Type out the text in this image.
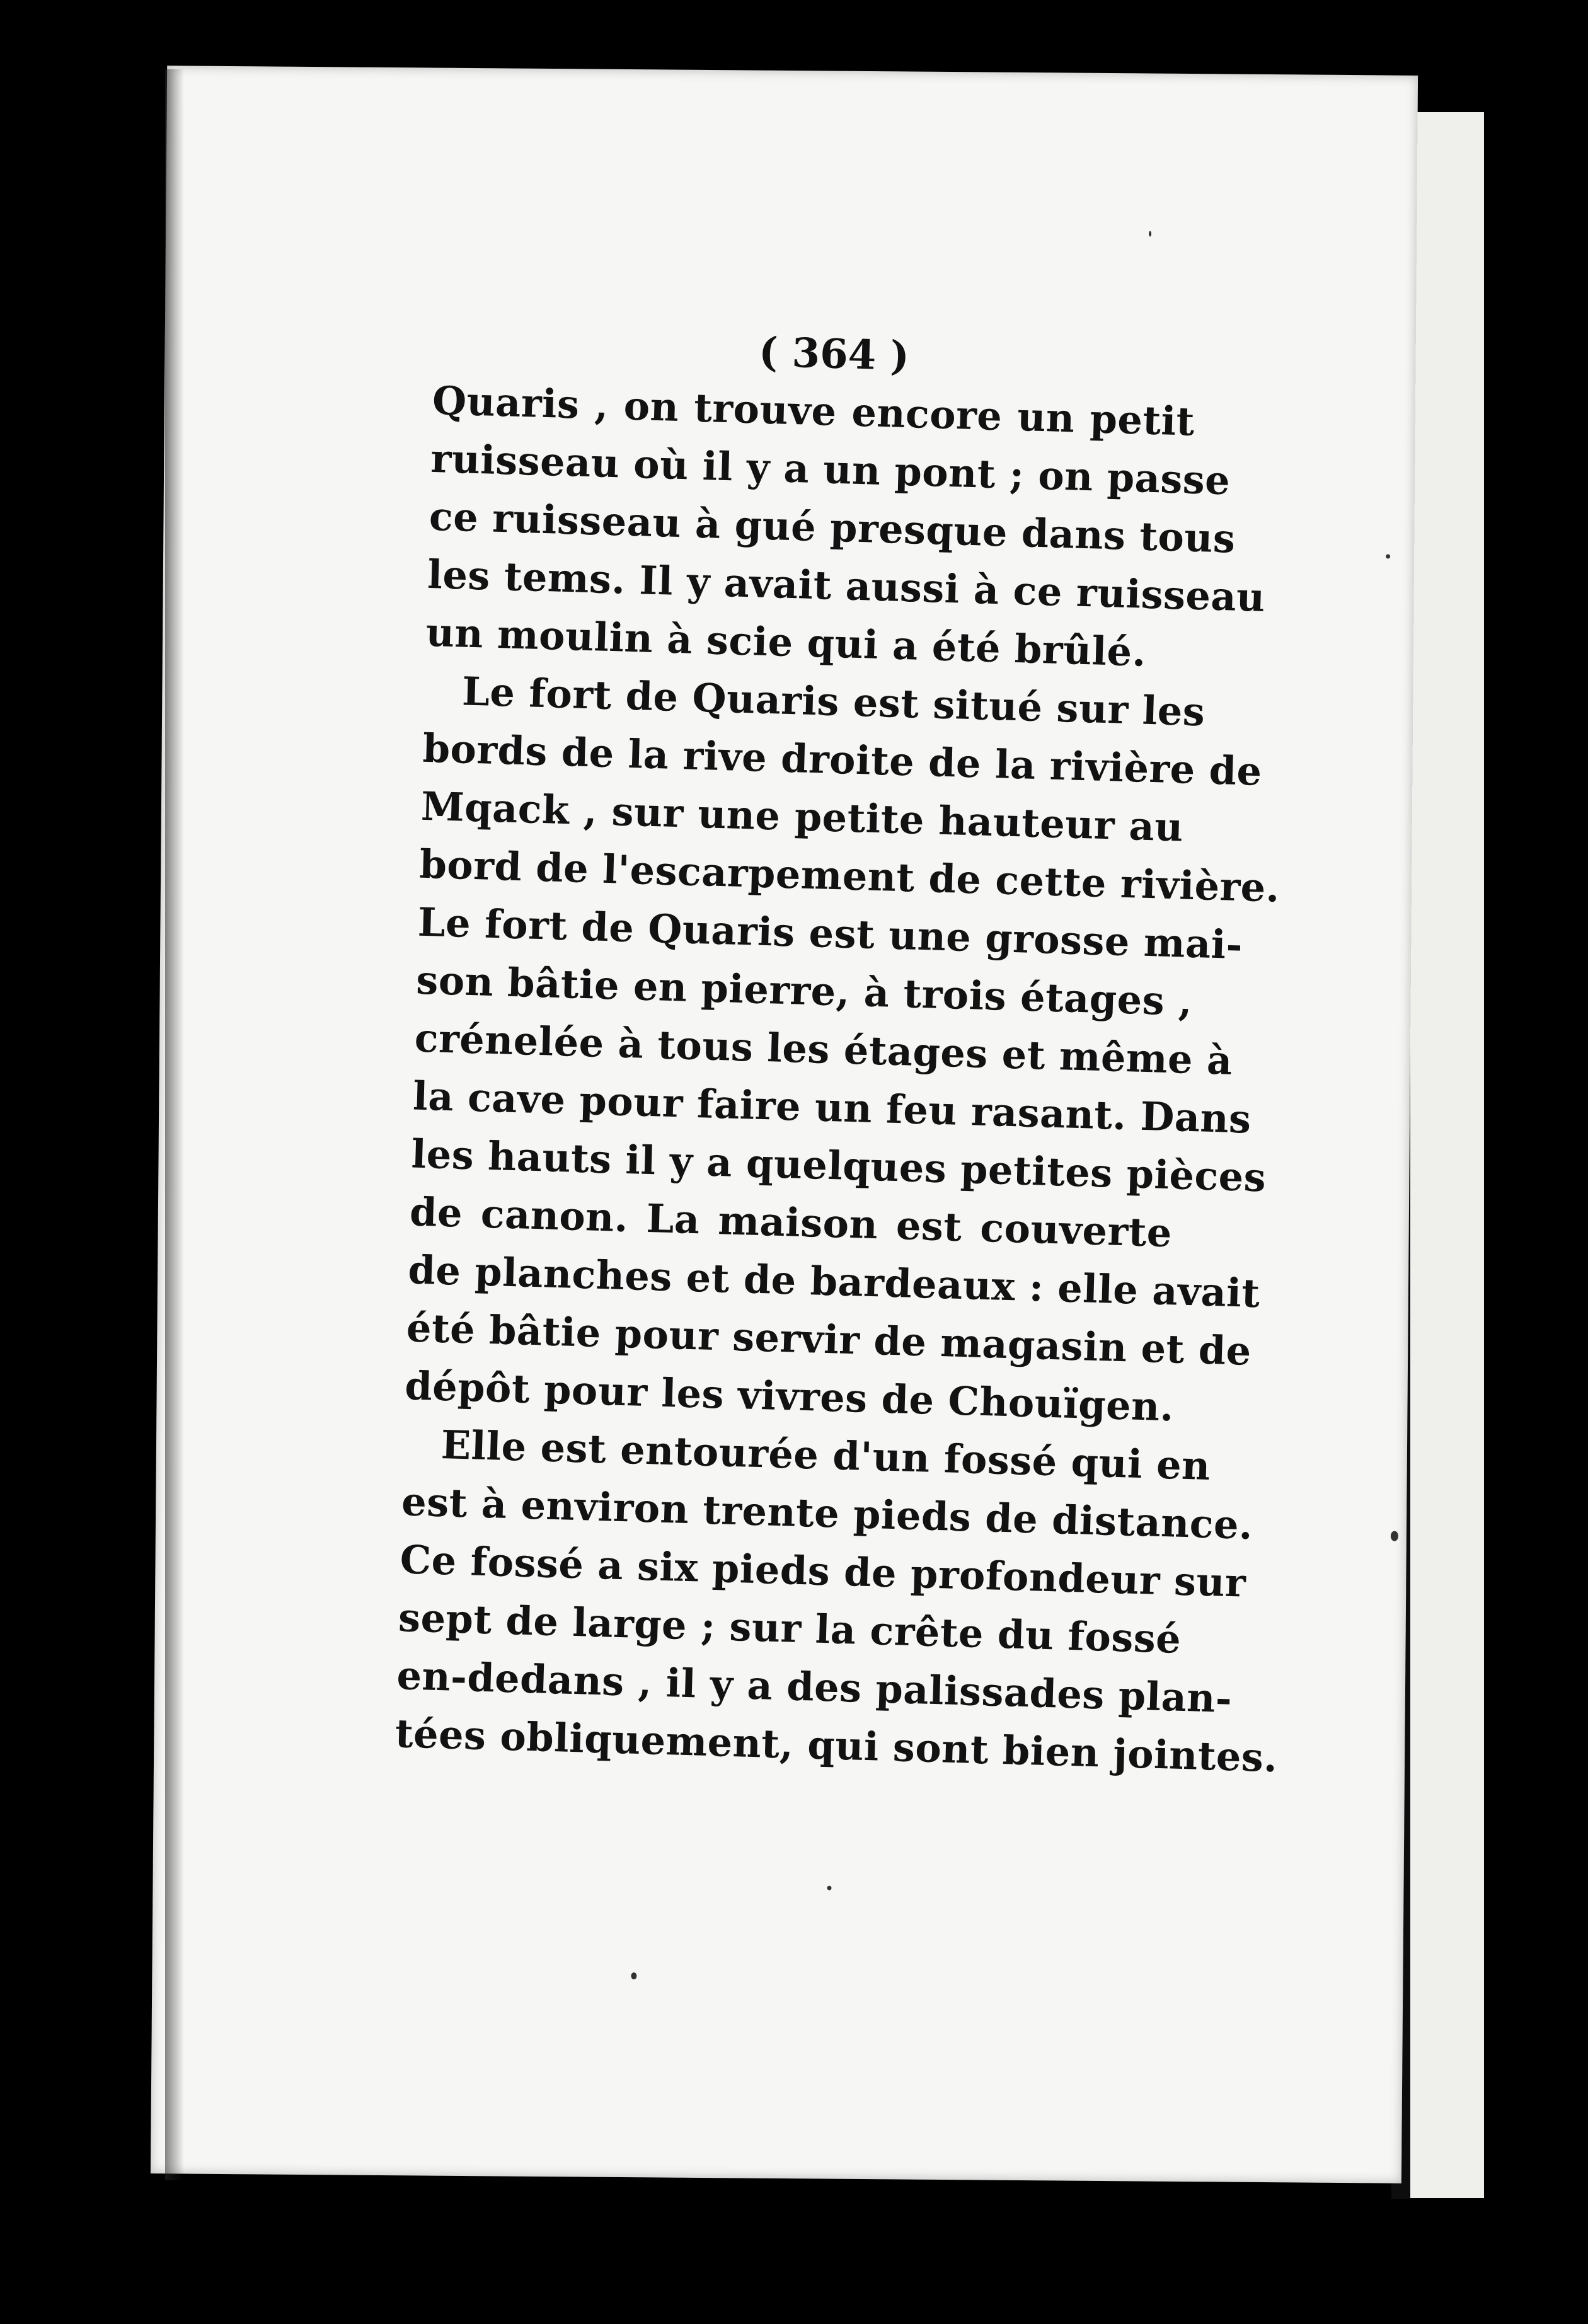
( 364 )
Quaris , on trouve encore un petit
ruisseau où il y a un pont ; on passe
ce ruisseau à gué presque dans tous
les tems. Il y avait aussi à ce ruisseau
un moulin à scie qui a été brûlé.
Le fort de Quaris est situé sur les
bords de la rive droite de la rivière de
Mqack , sur une petite hauteur au
bord de l'escarpement de cette rivière.
Le fort de Quaris est une grosse mai-
son bâtie en pierre, à trois étages ,
crénelée à tous les étages et même à
la cave pour faire un feu rasant. Dans
les hauts il y a quelques petites pièces
de canon. La maison est couverte
de planches et de bardeaux : elle avait
été bâtie pour servir de magasin et de
dépôt pour les vivres de Chouïgen.
Elle est entourée d'un fossé qui en
est à environ trente pieds de distance.
Ce fossé a six pieds de profondeur sur
sept de large ; sur la crête du fossé
en-dedans , il y a des palissades plan-
tées obliquement, qui sont bien jointes.
